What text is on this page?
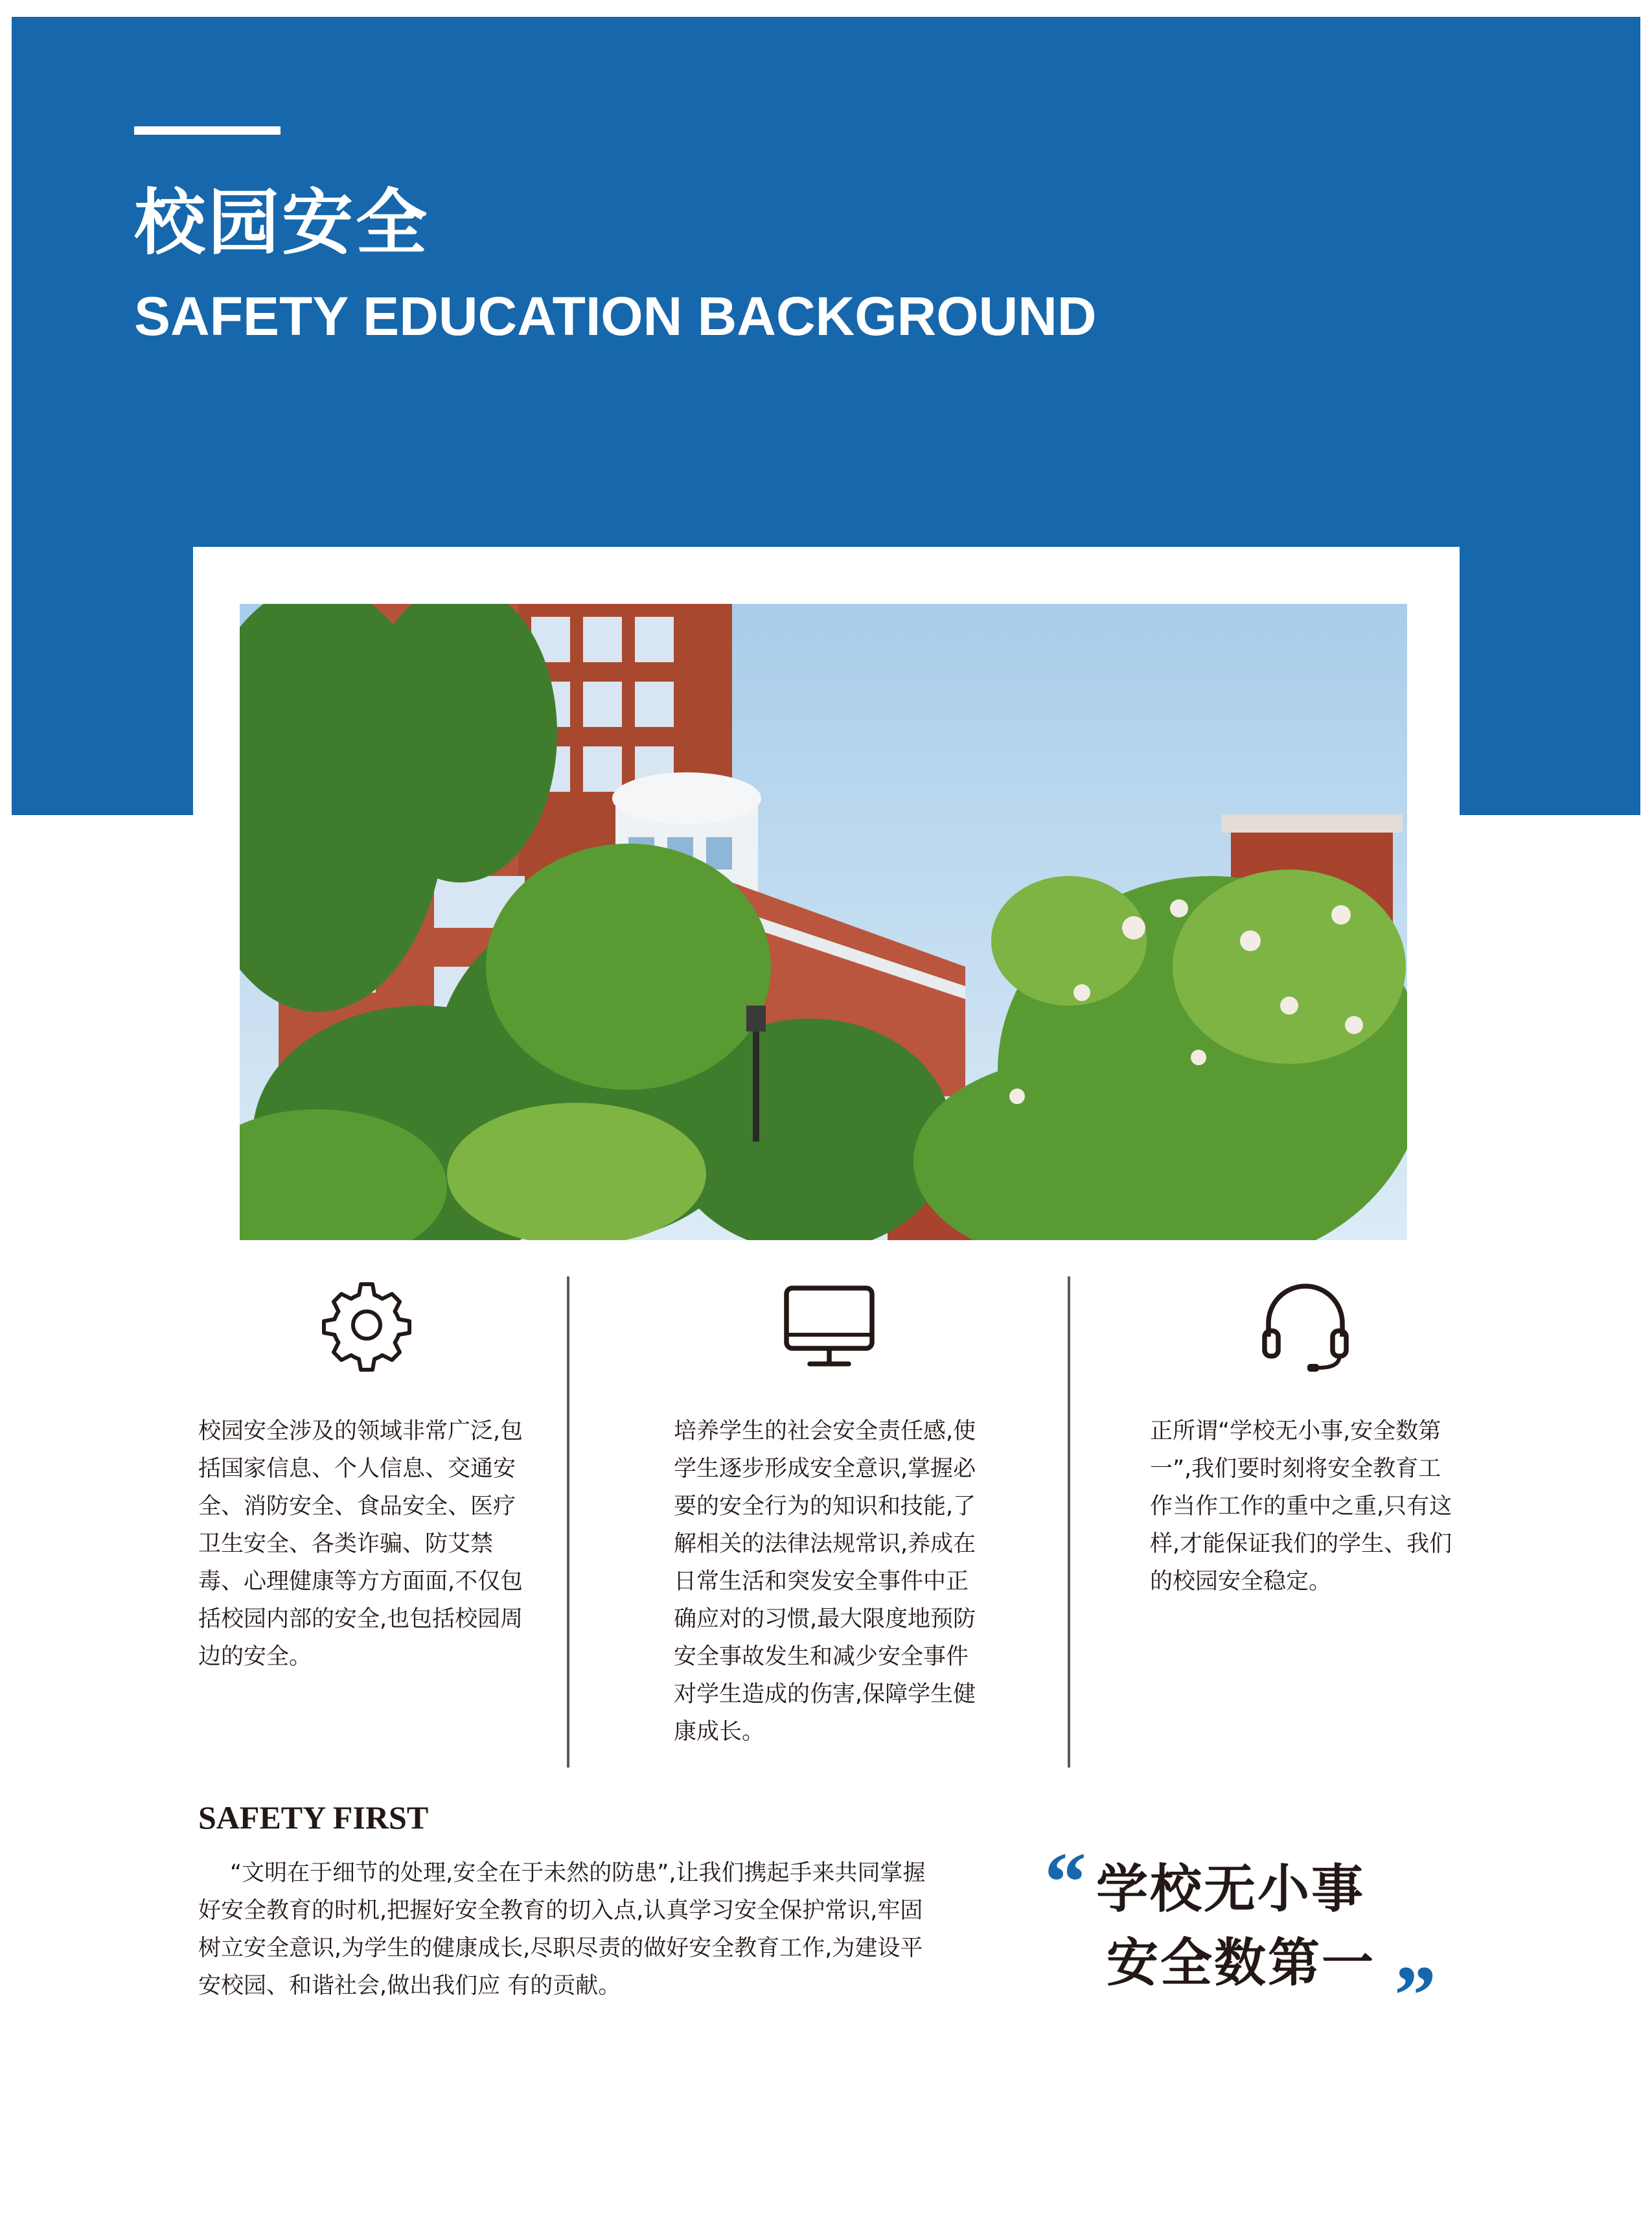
校园安全
SAFETY EDUCATION BACKGROUND

校园安全涉及的领域非常广泛,包括国家信息、个人信息、交通安全、消防安全、食品安全、医疗卫生安全、各类诈骗、防艾禁毒、心理健康等方方面面,不仅包括校园内部的安全,也包括校园周边的安全。

培养学生的社会安全责任感,使学生逐步形成安全意识,掌握必要的安全行为的知识和技能,了解相关的法律法规常识,养成在日常生活和突发安全事件中正确应对的习惯,最大限度地预防安全事故发生和减少安全事件对学生造成的伤害,保障学生健康成长。

正所谓“学校无小事,安全数第一”,我们要时刻将安全教育工作当作工作的重中之重,只有这样,才能保证我们的学生、我们的校园安全稳定。

SAFETY FIRST

“文明在于细节的处理,安全在于未然的防患”,让我们携起手来共同掌握好安全教育的时机,把握好安全教育的切入点,认真学习安全保护常识,牢固树立安全意识,为学生的健康成长,尽职尽责的做好安全教育工作,为建设平安校园、和谐社会,做出我们应 有的贡献。

“ 学校无小事
安全数第一 ”
